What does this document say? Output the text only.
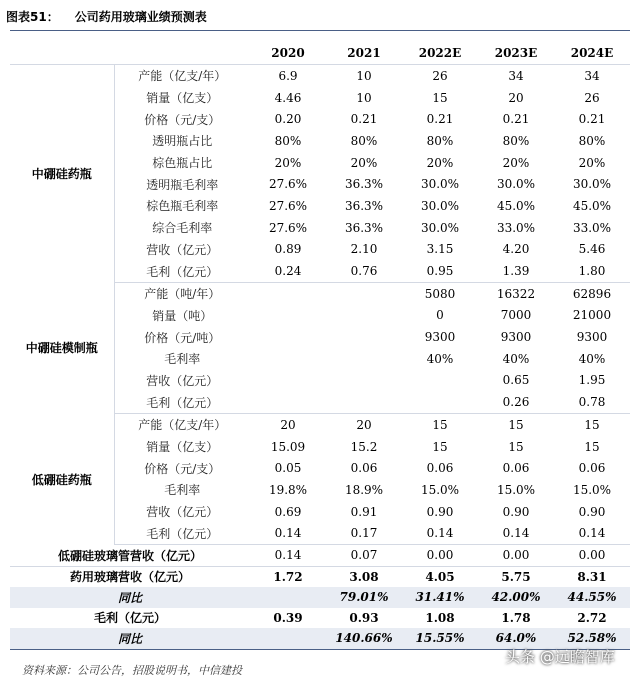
图表51： 公司药用玻璃业绩预测表
		2020	2021	2022E	2023E	2024E
中硼硅药瓶	产能（亿支/年）	6.9	10	26	34	34
	销量（亿支）	4.46	10	15	20	26
	价格（元/支）	0.20	0.21	0.21	0.21	0.21
	透明瓶占比	80%	80%	80%	80%	80%
	棕色瓶占比	20%	20%	20%	20%	20%
	透明瓶毛利率	27.6%	36.3%	30.0%	30.0%	30.0%
	棕色瓶毛利率	27.6%	36.3%	30.0%	45.0%	45.0%
	综合毛利率	27.6%	36.3%	30.0%	33.0%	33.0%
	营收（亿元）	0.89	2.10	3.15	4.20	5.46
	毛利（亿元）	0.24	0.76	0.95	1.39	1.80
中硼硅模制瓶	产能（吨/年）			5080	16322	62896
	销量（吨）			0	7000	21000
	价格（元/吨）			9300	9300	9300
	毛利率			40%	40%	40%
	营收（亿元）				0.65	1.95
	毛利（亿元）				0.26	0.78
低硼硅药瓶	产能（亿支/年）	20	20	15	15	15
	销量（亿支）	15.09	15.2	15	15	15
	价格（元/支）	0.05	0.06	0.06	0.06	0.06
	毛利率	19.8%	18.9%	15.0%	15.0%	15.0%
	营收（亿元）	0.69	0.91	0.90	0.90	0.90
	毛利（亿元）	0.14	0.17	0.14	0.14	0.14
低硼硅玻璃管营收（亿元）		0.14	0.07	0.00	0.00	0.00
药用玻璃营收（亿元）		1.72	3.08	4.05	5.75	8.31
同比			79.01%	31.41%	42.00%	44.55%
毛利（亿元）		0.39	0.93	1.08	1.78	2.72
同比			140.66%	15.55%	64.0%	52.58%
资料来源：公司公告，招股说明书，中信建投
头条 @远瞻智库
